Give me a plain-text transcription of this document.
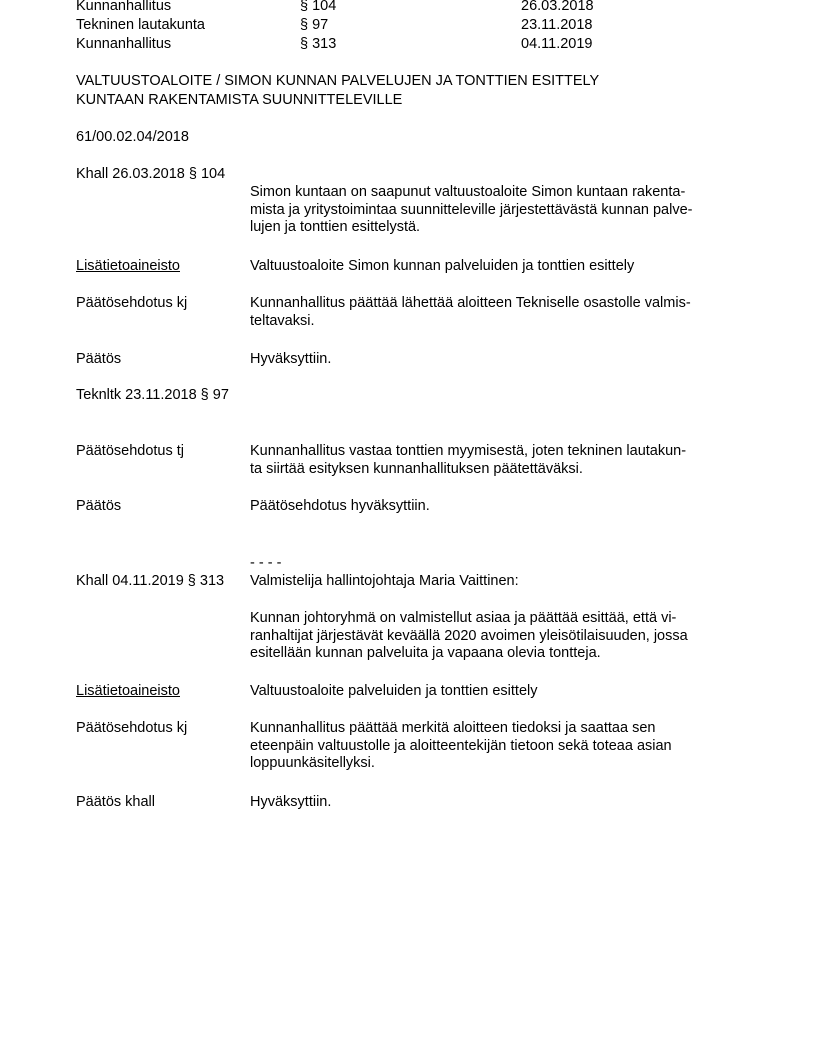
Kunnanhallitus	§ 104	26.03.2018
Tekninen lautakunta	§ 97	23.11.2018
Kunnanhallitus	§ 313	04.11.2019
VALTUUSTOALOITE / SIMON KUNNAN PALVELUJEN JA TONTTIEN ESITTELY
KUNTAAN RAKENTAMISTA SUUNNITTELEVILLE
61/00.02.04/2018
Khall 26.03.2018 § 104
Simon kuntaan on saapunut valtuustoaloite Simon kuntaan rakenta-
mista ja yritystoimintaa suunnitteleville järjestettävästä kunnan palve-
lujen ja tonttien esittelystä.
Lisätietoaineisto	Valtuustoaloite Simon kunnan palveluiden ja tonttien esittely
Päätösehdotus kj	Kunnanhallitus päättää lähettää aloitteen Tekniselle osastolle valmis-
teltavaksi.
Päätös	Hyväksyttiin.
Tekn​ltk 23.11.2018 § 97
Päätösehdotus tj	Kunnanhallitus vastaa tonttien myymisestä, joten tekninen lautakun-
ta siirtää esityksen kunnanhallituksen päätettäväksi.
Päätös	Päätösehdotus hyväksyttiin.
- - - -
Khall 04.11.2019 § 313 Valmistelija hallintojohtaja Maria Vaittinen:
Kunnan johtoryhmä on valmistellut asiaa ja päättää esittää, että vi-
ranhaltijat järjestävät keväällä 2020 avoimen yleisötilaisuuden, jossa
esitellään kunnan palveluita ja vapaana olevia tontteja.
Lisätietoaineisto	Valtuustoaloite palveluiden ja tonttien esittely
Päätösehdotus kj	Kunnanhallitus päättää merkitä aloitteen tiedoksi ja saattaa sen
eteenpäin valtuustolle ja aloitteentekijän tietoon sekä toteaa asian
loppuunkäsitellyksi.
Päätös khall	Hyväksyttiin.
